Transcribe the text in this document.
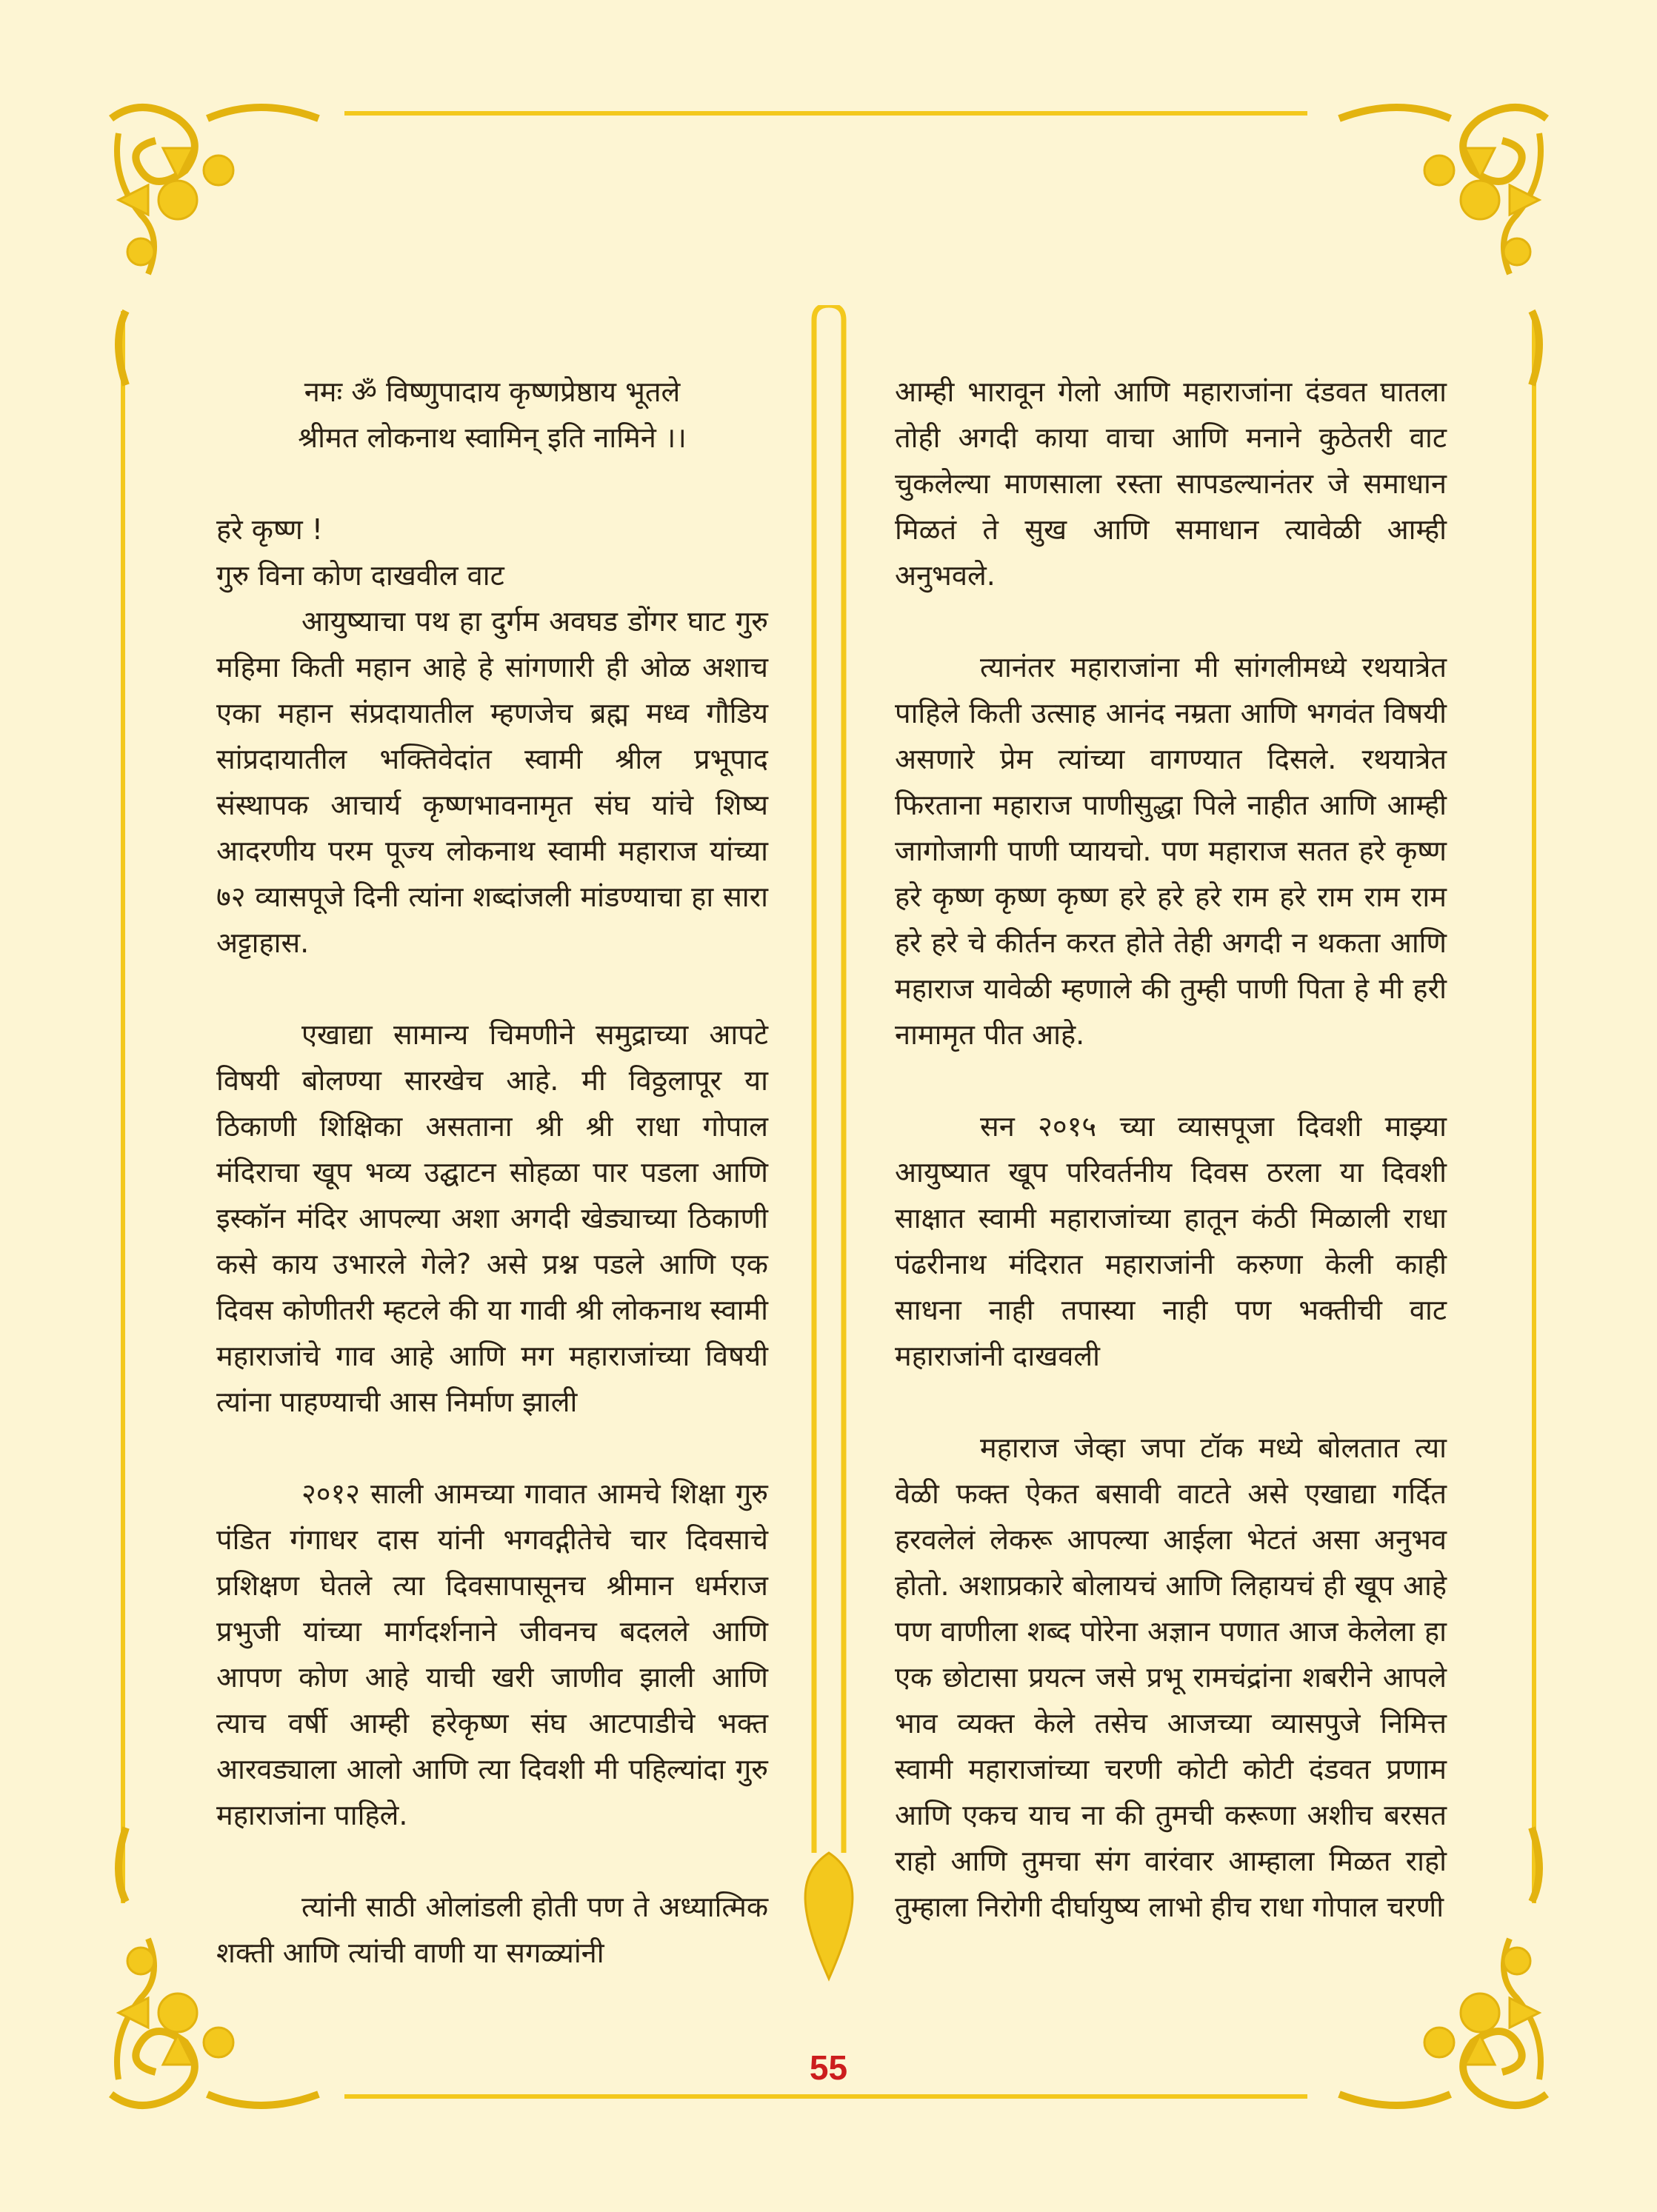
नमः ॐ विष्णुपादाय कृष्णप्रेष्ठाय भूतले
श्रीमत लोकनाथ स्वामिन् इति नामिने ।।
हरे कृष्ण !
गुरु विना कोण दाखवील वाट

आयुष्याचा पथ हा दुर्गम अवघड डोंगर घाट गुरु महिमा किती महान आहे हे सांगणारी ही ओळ अशाच एका महान संप्रदायातील म्हणजेच ब्रह्म मध्व गौडिय सांप्रदायातील भक्तिवेदांत स्वामी श्रील प्रभूपाद संस्थापक आचार्य कृष्णभावनामृत संघ यांचे शिष्य आदरणीय परम पूज्य लोकनाथ स्वामी महाराज यांच्या ७२ व्यासपूजे दिनी त्यांना शब्दांजली मांडण्याचा हा सारा अट्टाहास.

एखाद्या सामान्य चिमणीने समुद्राच्या आपटे विषयी बोलण्या सारखेच आहे. मी विठ्ठलापूर या ठिकाणी शिक्षिका असताना श्री श्री राधा गोपाल मंदिराचा खूप भव्य उद्घाटन सोहळा पार पडला आणि इस्कॉन मंदिर आपल्या अशा अगदी खेड्याच्या ठिकाणी कसे काय उभारले गेले? असे प्रश्न पडले आणि एक दिवस कोणीतरी म्हटले की या गावी श्री लोकनाथ स्वामी महाराजांचे गाव आहे आणि मग महाराजांच्या विषयी त्यांना पाहण्याची आस निर्माण झाली

२०१२ साली आमच्या गावात आमचे शिक्षा गुरु पंडित गंगाधर दास यांनी भगवद्गीतेचे चार दिवसाचे प्रशिक्षण घेतले त्या दिवसापासूनच श्रीमान धर्मराज प्रभुजी यांच्या मार्गदर्शनाने जीवनच बदलले आणि आपण कोण आहे याची खरी जाणीव झाली आणि त्याच वर्षी आम्ही हरेकृष्ण संघ आटपाडीचे भक्त आरवड्याला आलो आणि त्या दिवशी मी पहिल्यांदा गुरु महाराजांना पाहिले.

त्यांनी साठी ओलांडली होती पण ते अध्यात्मिक शक्ती आणि त्यांची वाणी या सगळ्यांनी

आम्ही भारावून गेलो आणि महाराजांना दंडवत घातला तोही अगदी काया वाचा आणि मनाने कुठेतरी वाट चुकलेल्या माणसाला रस्ता सापडल्यानंतर जे समाधान मिळतं ते सुख आणि समाधान त्यावेळी आम्ही अनुभवले.

त्यानंतर महाराजांना मी सांगलीमध्ये रथयात्रेत पाहिले किती उत्साह आनंद नम्रता आणि भगवंत विषयी असणारे प्रेम त्यांच्या वागण्यात दिसले. रथयात्रेत फिरताना महाराज पाणीसुद्धा पिले नाहीत आणि आम्ही जागोजागी पाणी प्यायचो. पण महाराज सतत हरे कृष्ण हरे कृष्ण कृष्ण कृष्ण हरे हरे हरे राम हरे राम राम राम हरे हरे चे कीर्तन करत होते तेही अगदी न थकता आणि महाराज यावेळी म्हणाले की तुम्ही पाणी पिता हे मी हरी नामामृत पीत आहे.

सन २०१५ च्या व्यासपूजा दिवशी माझ्या आयुष्यात खूप परिवर्तनीय दिवस ठरला या दिवशी साक्षात स्वामी महाराजांच्या हातून कंठी मिळाली राधा पंढरीनाथ मंदिरात महाराजांनी करुणा केली काही साधना नाही तपास्या नाही पण भक्तीची वाट महाराजांनी दाखवली

महाराज जेव्हा जपा टॉक मध्ये बोलतात त्या वेळी फक्त ऐकत बसावी वाटते असे एखाद्या गर्दित हरवलेलं लेकरू आपल्या आईला भेटतं असा अनुभव होतो. अशाप्रकारे बोलायचं आणि लिहायचं ही खूप आहे पण वाणीला शब्द पोरेना अज्ञान पणात आज केलेला हा एक छोटासा प्रयत्न जसे प्रभू रामचंद्रांना शबरीने आपले भाव व्यक्त केले तसेच आजच्या व्यासपुजे निमित्त स्वामी महाराजांच्या चरणी कोटी कोटी दंडवत प्रणाम आणि एकच याच ना की तुमची करूणा अशीच बरसत राहो आणि तुमचा संग वारंवार आम्हाला मिळत राहो तुम्हाला निरोगी दीर्घायुष्य लाभो हीच राधा गोपाल चरणी

55
